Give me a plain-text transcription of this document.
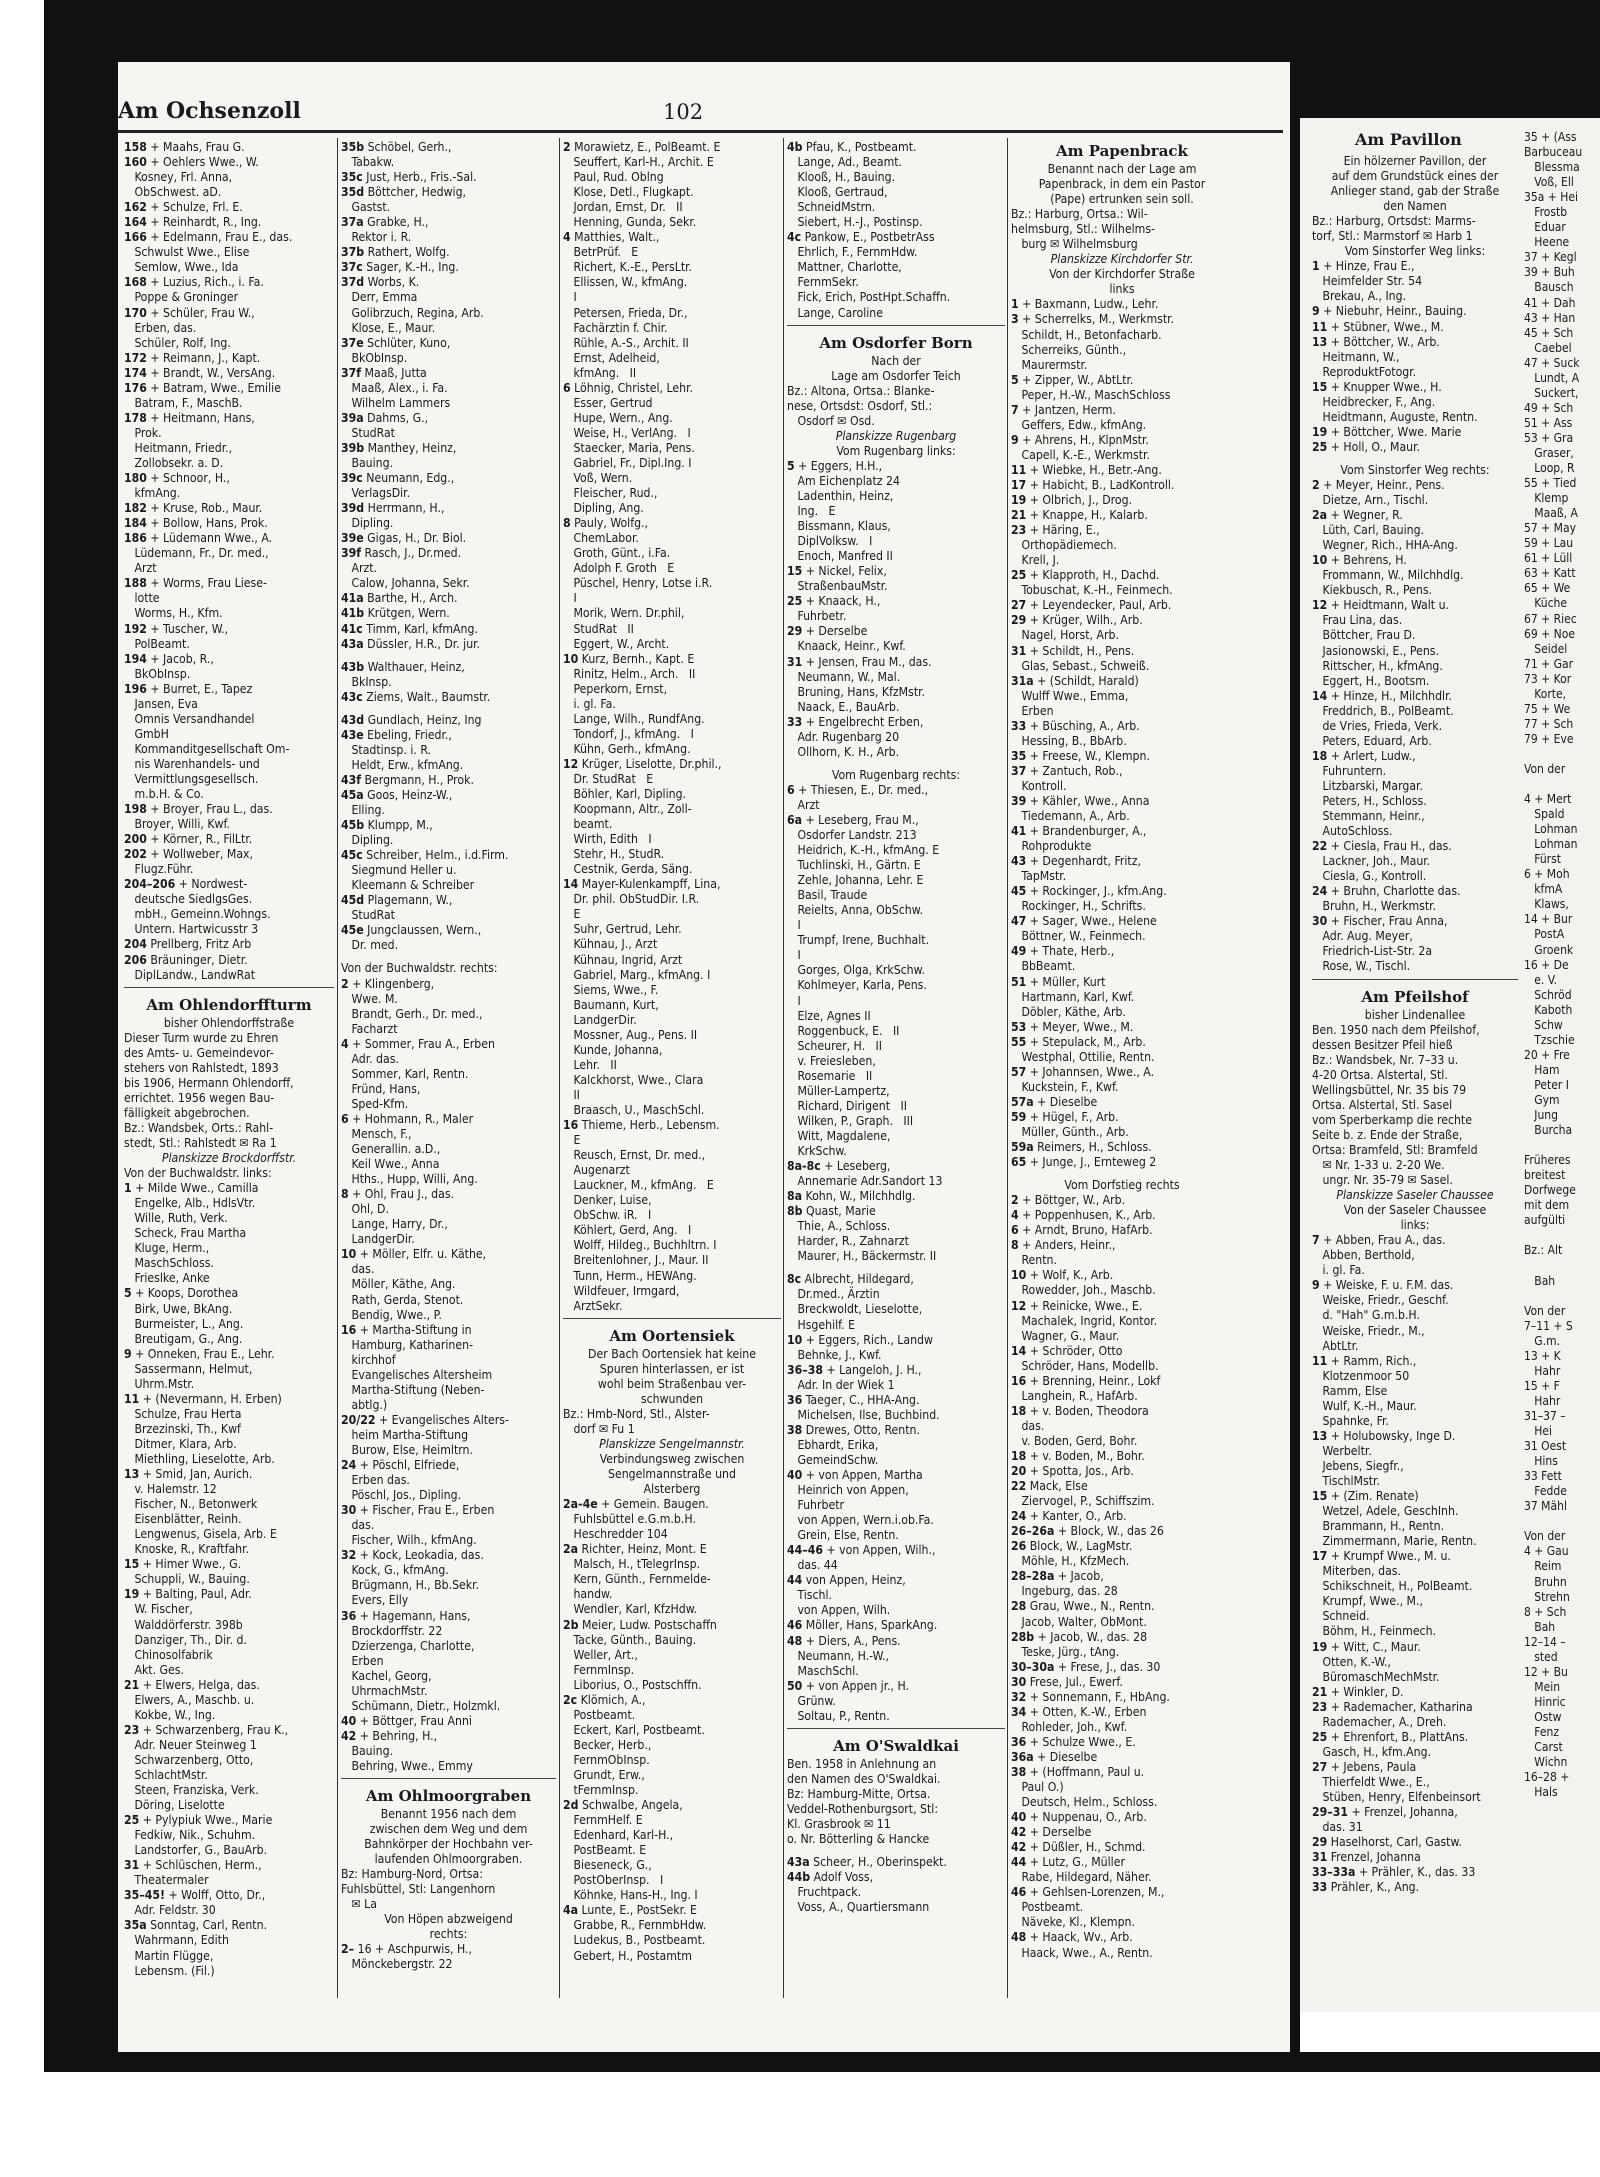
Am Ochsenzoll	102
158 + Maahs, Frau G.
160 + Oehlers Wwe., W.
Kosney, Frl. Anna,
ObSchwest. aD.
162 + Schulze, Frl. E.
164 + Reinhardt, R., Ing.
166 + Edelmann, Frau E., das.
Schwulst Wwe., Elise
Semlow, Wwe., Ida
168 + Luzius, Rich., i. Fa.
Poppe & Groninger
170 + Schüler, Frau W.,
Erben, das.
Schüler, Rolf, Ing.
172 + Reimann, J., Kapt.
174 + Brandt, W., VersAng.
176 + Batram, Wwe., Emilie
Batram, F., MaschB.
178 + Heitmann, Hans,
Prok.
Heitmann, Friedr.,
Zollobsekr. a. D.
180 + Schnoor, H.,
kfmAng.
182 + Kruse, Rob., Maur.
184 + Bollow, Hans, Prok.
186 + Lüdemann Wwe., A.
Lüdemann, Fr., Dr. med.,
Arzt
188 + Worms, Frau Liese-
lotte
Worms, H., Kfm.
192 + Tuscher, W.,
PolBeamt.
194 + Jacob, R.,
BkObInsp.
196 + Burret, E., Tapez
Jansen, Eva
Omnis Versandhandel
GmbH
Kommanditgesellschaft Om-
nis Warenhandels- und
Vermittlungsgesellsch.
m.b.H. & Co.
198 + Broyer, Frau L., das.
Broyer, Willi, Kwf.
200 + Körner, R., FilLtr.
202 + Wollweber, Max,
Flugz.Führ.
204–206 + Nordwest-
deutsche SiedlgsGes.
mbH., Gemeinn.Wohngs.
Untern. Hartwicusstr 3
204 Prellberg, Fritz Arb
206 Bräuninger, Dietr.
DiplLandw., LandwRat
Am Ohlendorffturm
bisher Ohlendorffstraße
Dieser Turm wurde zu Ehren
des Amts- u. Gemeindevor-
stehers von Rahlstedt, 1893
bis 1906, Hermann Ohlendorff,
errichtet. 1956 wegen Bau-
fälligkeit abgebrochen.
Bz.: Wandsbek, Orts.: Rahl-
stedt, Stl.: Rahlstedt ✉ Ra 1
Planskizze Brockdorffstr.
Von der Buchwaldstr. links:
1 + Milde Wwe., Camilla
Engelke, Alb., HdlsVtr.
Wille, Ruth, Verk.
Scheck, Frau Martha
Kluge, Herm.,
MaschSchloss.
Frieslke, Anke
5 + Koops, Dorothea
Birk, Uwe, BkAng.
Burmeister, L., Ang.
Breutigam, G., Ang.
9 + Onneken, Frau E., Lehr.
Sassermann, Helmut,
Uhrm.Mstr.
11 + (Nevermann, H. Erben)
Schulze, Frau Herta
Brzezinski, Th., Kwf
Ditmer, Klara, Arb.
Miethling, Lieselotte, Arb.
13 + Smid, Jan, Aurich.
v. Halemstr. 12
Fischer, N., Betonwerk
Eisenblätter, Reinh.
Lengwenus, Gisela, Arb. E
Knoske, R., Kraftfahr.
15 + Himer Wwe., G.
Schuppli, W., Bauing.
19 + Balting, Paul, Adr.
W. Fischer,
Walddörferstr. 398b
Danziger, Th., Dir. d.
Chinosolfabrik
Akt. Ges.
21 + Elwers, Helga, das.
Elwers, A., Maschb. u.
Kokbe, W., Ing.
23 + Schwarzenberg, Frau K.,
Adr. Neuer Steinweg 1
Schwarzenberg, Otto,
SchlachtMstr.
Steen, Franziska, Verk.
Döring, Liselotte
25 + Pylypiuk Wwe., Marie
Fedkiw, Nik., Schuhm.
Landstorfer, G., BauArb.
31 + Schlüschen, Herm.,
Theatermaler
35–45! + Wolff, Otto, Dr.,
Adr. Feldstr. 30
35a Sonntag, Carl, Rentn.
Wahrmann, Edith
Martin Flügge,
Lebensm. (Fil.)
35b Schöbel, Gerh.,
Tabakw.
35c Just, Herb., Fris.-Sal.
35d Böttcher, Hedwig,
Gastst.
37a Grabke, H.,
Rektor i. R.
37b Rathert, Wolfg.
37c Sager, K.-H., Ing.
37d Worbs, K.
Derr, Emma
Golibrzuch, Regina, Arb.
Klose, E., Maur.
37e Schlüter, Kuno,
BkObInsp.
37f Maaß, Jutta
Maaß, Alex., i. Fa.
Wilhelm Lammers
39a Dahms, G.,
StudRat
39b Manthey, Heinz,
Bauing.
39c Neumann, Edg.,
VerlagsDir.
39d Herrmann, H.,
Dipling.
39e Gigas, H., Dr. Biol.
39f Rasch, J., Dr.med.
Arzt.
Calow, Johanna, Sekr.
41a Barthe, H., Arch.
41b Krütgen, Wern.
41c Timm, Karl, kfmAng.
43a Düssler, H.R., Dr. jur.
43b Walthauer, Heinz,
BkInsp.
43c Ziems, Walt., Baumstr.
43d Gundlach, Heinz, Ing
43e Ebeling, Friedr.,
Stadtinsp. i. R.
Heldt, Erw., kfmAng.
43f Bergmann, H., Prok.
45a Goos, Heinz-W.,
Elling.
45b Klumpp, M.,
Dipling.
45c Schreiber, Helm., i.d.Firm.
Siegmund Heller u.
Kleemann & Schreiber
45d Plagemann, W.,
StudRat
45e Jungclaussen, Wern.,
Dr. med.
Von der Buchwaldstr. rechts:
2 + Klingenberg,
Wwe. M.
Brandt, Gerh., Dr. med.,
Facharzt
4 + Sommer, Frau A., Erben
Adr. das.
Sommer, Karl, Rentn.
Fründ, Hans,
Sped-Kfm.
6 + Hohmann, R., Maler
Mensch, F.,
Generallin. a.D.,
Keil Wwe., Anna
Hths., Hupp, Willi, Ang.
8 + Ohl, Frau J., das.
Ohl, D.
Lange, Harry, Dr.,
LandgerDir.
10 + Möller, Elfr. u. Käthe,
das.
Möller, Käthe, Ang.
Rath, Gerda, Stenot.
Bendig, Wwe., P.
16 + Martha-Stiftung in
Hamburg, Katharinen-
kirchhof
Evangelisches Altersheim
Martha-Stiftung (Neben-
abtlg.)
20/22 + Evangelisches Alters-
heim Martha-Stiftung
Burow, Else, Heimltrn.
24 + Pöschl, Elfriede,
Erben das.
Pöschl, Jos., Dipling.
30 + Fischer, Frau E., Erben
das.
Fischer, Wilh., kfmAng.
32 + Kock, Leokadia, das.
Kock, G., kfmAng.
Brügmann, H., Bb.Sekr.
Evers, Elly
36 + Hagemann, Hans,
Brockdorffstr. 22
Dzierzenga, Charlotte,
Erben
Kachel, Georg,
UhrmachMstr.
Schümann, Dietr., Holzmkl.
40 + Böttger, Frau Anni
42 + Behring, H.,
Bauing.
Behring, Wwe., Emmy
Am Ohlmoorgraben
Benannt 1956 nach dem
zwischen dem Weg und dem
Bahnkörper der Hochbahn ver-
laufenden Ohlmoorgraben.
Bz: Hamburg-Nord, Ortsa:
Fuhlsbüttel, Stl: Langenhorn
✉ La
Von Höpen abzweigend
rechts:
2– 16 + Aschpurwis, H.,
Mönckebergstr. 22
2 Morawietz, E., PolBeamt. E
Seuffert, Karl-H., Archit. E
Paul, Rud. Oblng
Klose, Detl., Flugkapt.
Jordan, Ernst, Dr.   II
Henning, Gunda, Sekr.
4 Matthies, Walt.,
BetrPrüf.   E
Richert, K.-E., PersLtr.
Ellissen, W., kfmAng.
I
Petersen, Frieda, Dr.,
Fachärztin f. Chir.
Rühle, A.-S., Archit. II
Ernst, Adelheid,
kfmAng.   II
6 Löhnig, Christel, Lehr.
Esser, Gertrud
Hupe, Wern., Ang.
Weise, H., VerlAng.   I
Staecker, Maria, Pens.
Gabriel, Fr., Dipl.Ing. I
Voß, Wern.
Fleischer, Rud.,
Dipling, Ang.
8 Pauly, Wolfg.,
ChemLabor.
Groth, Günt., i.Fa.
Adolph F. Groth   E
Püschel, Henry, Lotse i.R.
I
Morik, Wern. Dr.phil,
StudRat   II
Eggert, W., Archt.
10 Kurz, Bernh., Kapt. E
Rinitz, Helm., Arch.   II
Peperkorn, Ernst,
i. gl. Fa.
Lange, Wilh., RundfAng.
Tondorf, J., kfmAng.   I
Kühn, Gerh., kfmAng.
12 Krüger, Liselotte, Dr.phil.,
Dr. StudRat   E
Böhler, Karl, Dipling.
Koopmann, Altr., Zoll-
beamt.
Wirth, Edith   I
Stehr, H., StudR.
Cestnik, Gerda, Säng.
14 Mayer-Kulenkampff, Lina,
Dr. phil. ObStudDir. I.R.
E
Suhr, Gertrud, Lehr.
Kühnau, J., Arzt
Kühnau, Ingrid, Arzt
Gabriel, Marg., kfmAng. I
Siems, Wwe., F.
Baumann, Kurt,
LandgerDir.
Mossner, Aug., Pens. II
Kunde, Johanna,
Lehr.   II
Kalckhorst, Wwe., Clara
II
Braasch, U., MaschSchl.
16 Thieme, Herb., Lebensm.
E
Reusch, Ernst, Dr. med.,
Augenarzt
Lauckner, M., kfmAng.   E
Denker, Luise,
ObSchw. iR.   I
Köhlert, Gerd, Ang.   I
Wolff, Hildeg., Buchhltrn. I
Breitenlohner, J., Maur. II
Tunn, Herm., HEWAng.
Wildfeuer, Irmgard,
ArztSekr.
Am Oortensiek
Der Bach Oortensiek hat keine
Spuren hinterlassen, er ist
wohl beim Straßenbau ver-
schwunden
Bz.: Hmb-Nord, Stl., Alster-
dorf ✉ Fu 1
Planskizze Sengelmannstr.
Verbindungsweg zwischen
Sengelmannstraße und
Alsterberg
2a-4e + Gemein. Baugen.
Fuhlsbüttel e.G.m.b.H.
Heschredder 104
2a Richter, Heinz, Mont. E
Malsch, H., tTelegrInsp.
Kern, Günth., Fernmelde-
handw.
Wendler, Karl, KfzHdw.
2b Meier, Ludw. Postschaffn
Tacke, Günth., Bauing.
Weller, Art.,
FernmInsp.
Liborius, O., Postschffn.
2c Klömich, A.,
Postbeamt.
Eckert, Karl, Postbeamt.
Becker, Herb.,
FernmObInsp.
Grundt, Erw.,
tFernmInsp.
2d Schwalbe, Angela,
FernmHelf. E
Edenhard, Karl-H.,
PostBeamt. E
Bieseneck, G.,
PostOberInsp.   I
Köhnke, Hans-H., Ing. I
4a Lunte, E., PostSekr. E
Grabbe, R., FernmbHdw.
Ludekus, B., Postbeamt.
Gebert, H., Postamtm
4b Pfau, K., Postbeamt.
Lange, Ad., Beamt.
Klooß, H., Bauing.
Klooß, Gertraud,
SchneidMstrn.
Siebert, H.-J., Postinsp.
4c Pankow, E., PostbetrAss
Ehrlich, F., FernmHdw.
Mattner, Charlotte,
FernmSekr.
Fick, Erich, PostHpt.Schaffn.
Lange, Caroline
Am Osdorfer Born
Nach der
Lage am Osdorfer Teich
Bz.: Altona, Ortsa.: Blanke-
nese, Ortsdst: Osdorf, Stl.:
Osdorf ✉ Osd.
Planskizze Rugenbarg
Vom Rugenbarg links:
5 + Eggers, H.H.,
Am Eichenplatz 24
Ladenthin, Heinz,
Ing.   E
Bissmann, Klaus,
DiplVolksw.   I
Enoch, Manfred II
15 + Nickel, Felix,
StraßenbauMstr.
25 + Knaack, H.,
Fuhrbetr.
29 + Derselbe
Knaack, Heinr., Kwf.
31 + Jensen, Frau M., das.
Neumann, W., Mal.
Bruning, Hans, KfzMstr.
Naack, E., BauArb.
33 + Engelbrecht Erben,
Adr. Rugenbarg 20
Ollhorn, K. H., Arb.
Vom Rugenbarg rechts:
6 + Thiesen, E., Dr. med.,
Arzt
6a + Leseberg, Frau M.,
Osdorfer Landstr. 213
Heidrich, K.-H., kfmAng. E
Tuchlinski, H., Gärtn. E
Zehle, Johanna, Lehr. E
Basil, Traude
Reielts, Anna, ObSchw.
I
Trumpf, Irene, Buchhalt.
I
Gorges, Olga, KrkSchw.
Kohlmeyer, Karla, Pens.
I
Elze, Agnes II
Roggenbuck, E.   II
Scheurer, H.   II
v. Freiesleben,
Rosemarie   II
Müller-Lampertz,
Richard, Dirigent   II
Wilken, P., Graph.   III
Witt, Magdalene,
KrkSchw.
8a-8c + Leseberg,
Annemarie Adr.Sandort 13
8a Kohn, W., Milchhdlg.
8b Quast, Marie
Thie, A., Schloss.
Harder, R., Zahnarzt
Maurer, H., Bäckermstr. II
8c Albrecht, Hildegard,
Dr.med., Ärztin
Breckwoldt, Lieselotte,
Hsgehilf. E
10 + Eggers, Rich., Landw
Behnke, J., Kwf.
36–38 + Langeloh, J. H.,
Adr. In der Wiek 1
36 Taeger, C., HHA-Ang.
Michelsen, Ilse, Buchbind.
38 Drewes, Otto, Rentn.
Ebhardt, Erika,
GemeindSchw.
40 + von Appen, Martha
Heinrich von Appen,
Fuhrbetr
von Appen, Wern.i.ob.Fa.
Grein, Else, Rentn.
44–46 + von Appen, Wilh.,
das. 44
44 von Appen, Heinz,
Tischl.
von Appen, Wilh.
46 Möller, Hans, SparkAng.
48 + Diers, A., Pens.
Neumann, H.-W.,
MaschSchl.
50 + von Appen jr., H.
Grünw.
Soltau, P., Rentn.
Am O'Swaldkai
Ben. 1958 in Anlehnung an
den Namen des O'Swaldkai.
Bz: Hamburg-Mitte, Ortsa.
Veddel-Rothenburgsort, Stl:
Kl. Grasbrook ✉ 11
o. Nr. Bötterling & Hancke
43a Scheer, H., Oberinspekt.
44b Adolf Voss,
Fruchtpack.
Voss, A., Quartiersmann
Am Papenbrack
Benannt nach der Lage am
Papenbrack, in dem ein Pastor
(Pape) ertrunken sein soll.
Bz.: Harburg, Ortsa.: Wil-
helmsburg, Stl.: Wilhelms-
burg ✉ Wilhelmsburg
Planskizze Kirchdorfer Str.
Von der Kirchdorfer Straße
links
1 + Baxmann, Ludw., Lehr.
3 + Scherrelks, M., Werkmstr.
Schildt, H., Betonfacharb.
Scherreiks, Günth.,
Maurermstr.
5 + Zipper, W., AbtLtr.
Peper, H.-W., MaschSchloss
7 + Jantzen, Herm.
Geffers, Edw., kfmAng.
9 + Ahrens, H., KlpnMstr.
Capell, K.-E., Werkmstr.
11 + Wiebke, H., Betr.-Ang.
17 + Habicht, B., LadKontroll.
19 + Olbrich, J., Drog.
21 + Knappe, H., Kalarb.
23 + Häring, E.,
Orthopädiemech.
Krell, J.
25 + Klapproth, H., Dachd.
Tobuschat, K.-H., Feinmech.
27 + Leyendecker, Paul, Arb.
29 + Krüger, Wilh., Arb.
Nagel, Horst, Arb.
31 + Schildt, H., Pens.
Glas, Sebast., Schweiß.
31a + (Schildt, Harald)
Wulff Wwe., Emma,
Erben
33 + Büsching, A., Arb.
Hessing, B., BbArb.
35 + Freese, W., Klempn.
37 + Zantuch, Rob.,
Kontroll.
39 + Kähler, Wwe., Anna
Tiedemann, A., Arb.
41 + Brandenburger, A.,
Rohprodukte
43 + Degenhardt, Fritz,
TapMstr.
45 + Rockinger, J., kfm.Ang.
Rockinger, H., Schrifts.
47 + Sager, Wwe., Helene
Böttner, W., Feinmech.
49 + Thate, Herb.,
BbBeamt.
51 + Müller, Kurt
Hartmann, Karl, Kwf.
Döbler, Käthe, Arb.
53 + Meyer, Wwe., M.
55 + Stepulack, M., Arb.
Westphal, Ottilie, Rentn.
57 + Johannsen, Wwe., A.
Kuckstein, F., Kwf.
57a + Dieselbe
59 + Hügel, F., Arb.
Müller, Günth., Arb.
59a Reimers, H., Schloss.
65 + Junge, J., Ernteweg 2
Vom Dorfstieg rechts
2 + Böttger, W., Arb.
4 + Poppenhusen, K., Arb.
6 + Arndt, Bruno, HafArb.
8 + Anders, Heinr.,
Rentn.
10 + Wolf, K., Arb.
Rowedder, Joh., Maschb.
12 + Reinicke, Wwe., E.
Machalek, Ingrid, Kontor.
Wagner, G., Maur.
14 + Schröder, Otto
Schröder, Hans, Modellb.
16 + Brenning, Heinr., Lokf
Langhein, R., HafArb.
18 + v. Boden, Theodora
das.
v. Boden, Gerd, Bohr.
18 + v. Boden, M., Bohr.
20 + Spotta, Jos., Arb.
22 Mack, Else
Ziervogel, P., Schiffszim.
24 + Kanter, O., Arb.
26–26a + Block, W., das 26
26 Block, W., LagMstr.
Möhle, H., KfzMech.
28–28a + Jacob,
Ingeburg, das. 28
28 Grau, Wwe., N., Rentn.
Jacob, Walter, ObMont.
28b + Jacob, W., das. 28
Teske, Jürg., tAng.
30–30a + Frese, J., das. 30
30 Frese, Jul., Ewerf.
32 + Sonnemann, F., HbAng.
34 + Otten, K.-W., Erben
Rohleder, Joh., Kwf.
36 + Schulze Wwe., E.
36a + Dieselbe
38 + (Hoffmann, Paul u.
Paul O.)
Deutsch, Helm., Schloss.
40 + Nuppenau, O., Arb.
42 + Derselbe
42 + Düßler, H., Schmd.
44 + Lutz, G., Müller
Rabe, Hildegard, Näher.
46 + Gehlsen-Lorenzen, M.,
Postbeamt.
Näveke, Kl., Klempn.
48 + Haack, Wv., Arb.
Haack, Wwe., A., Rentn.
Am Pavillon
Ein hölzerner Pavillon, der
auf dem Grundstück eines der
Anlieger stand, gab der Straße
den Namen
Bz.: Harburg, Ortsdst: Marms-
torf, Stl.: Marmstorf ✉ Harb 1
Vom Sinstorfer Weg links:
1 + Hinze, Frau E.,
Heimfelder Str. 54
Brekau, A., Ing.
9 + Niebuhr, Heinr., Bauing.
11 + Stübner, Wwe., M.
13 + Böttcher, W., Arb.
Heitmann, W.,
ReproduktFotogr.
15 + Knupper Wwe., H.
Heidbrecker, F., Ang.
Heidtmann, Auguste, Rentn.
19 + Böttcher, Wwe. Marie
25 + Holl, O., Maur.
Vom Sinstorfer Weg rechts:
2 + Meyer, Heinr., Pens.
Dietze, Arn., Tischl.
2a + Wegner, R.
Lüth, Carl, Bauing.
Wegner, Rich., HHA-Ang.
10 + Behrens, H.
Frommann, W., Milchhdlg.
Kiekbusch, R., Pens.
12 + Heidtmann, Walt u.
Frau Lina, das.
Böttcher, Frau D.
Jasionowski, E., Pens.
Rittscher, H., kfmAng.
Eggert, H., Bootsm.
14 + Hinze, H., Milchhdlr.
Freddrich, B., PolBeamt.
de Vries, Frieda, Verk.
Peters, Eduard, Arb.
18 + Arlert, Ludw.,
Fuhruntern.
Litzbarski, Margar.
Peters, H., Schloss.
Stemmann, Heinr.,
AutoSchloss.
22 + Ciesla, Frau H., das.
Lackner, Joh., Maur.
Ciesla, G., Kontroll.
24 + Bruhn, Charlotte das.
Bruhn, H., Werkmstr.
30 + Fischer, Frau Anna,
Adr. Aug. Meyer,
Friedrich-List-Str. 2a
Rose, W., Tischl.
Am Pfeilshof
bisher Lindenallee
Ben. 1950 nach dem Pfeilshof,
dessen Besitzer Pfeil hieß
Bz.: Wandsbek, Nr. 7–33 u.
4-20 Ortsa. Alstertal, Stl.
Wellingsbüttel, Nr. 35 bis 79
Ortsa. Alstertal, Stl. Sasel
vom Sperberkamp die rechte
Seite b. z. Ende der Straße,
Ortsa: Bramfeld, Stl: Bramfeld
✉ Nr. 1-33 u. 2-20 We.
ungr. Nr. 35-79 ✉ Sasel.
Planskizze Saseler Chaussee
Von der Saseler Chaussee
links:
7 + Abben, Frau A., das.
Abben, Berthold,
i. gl. Fa.
9 + Weiske, F. u. F.M. das.
Weiske, Friedr., Geschf.
d. "Hah" G.m.b.H.
Weiske, Friedr., M.,
AbtLtr.
11 + Ramm, Rich.,
Klotzenmoor 50
Ramm, Else
Wulf, K.-H., Maur.
Spahnke, Fr.
13 + Holubowsky, Inge D.
Werbeltr.
Jebens, Siegfr.,
TischlMstr.
15 + (Zim. Renate)
Wetzel, Adele, GeschInh.
Brammann, H., Rentn.
Zimmermann, Marie, Rentn.
17 + Krumpf Wwe., M. u.
Miterben, das.
Schikschneit, H., PolBeamt.
Krumpf, Wwe., M.,
Schneid.
Böhm, H., Feinmech.
19 + Witt, C., Maur.
Otten, K.-W.,
BüromaschMechMstr.
21 + Winkler, D.
23 + Rademacher, Katharina
Rademacher, A., Dreh.
25 + Ehrenfort, B., PlattAns.
Gasch, H., kfm.Ang.
27 + Jebens, Paula
Thierfeldt Wwe., E.,
Stüben, Henry, Elfenbeinsort
29–31 + Frenzel, Johanna,
das. 31
29 Haselhorst, Carl, Gastw.
31 Frenzel, Johanna
33–33a + Prähler, K., das. 33
33 Prähler, K., Ang.
35 + (Ass
Barbuceau
Blessma
Voß, Ell
35a + Hei
Frostb
Eduar
Heene
37 + Kegl
39 + Buh
Bausch
41 + Dah
43 + Han
45 + Sch
Caebel
47 + Suck
Lundt, A
Suckert,
49 + Sch
51 + Ass
53 + Gra
Graser,
Loop, R
55 + Tied
Klemp
Maaß, A
57 + May
59 + Lau
61 + Lüll
63 + Katt
65 + We
Küche
67 + Riec
69 + Noe
Seidel
71 + Gar
73 + Kor
Korte,
75 + We
77 + Sch
79 + Eve
Von der
4 + Mert
Spald
Lohman
Lohman
Fürst
6 + Moh
kfmA
Klaws,
14 + Bur
PostA
Groenk
16 + De
e. V.
Schröd
Kaboth
Schw
Tzschie
20 + Fre
Ham
Peter I
Gym
Jung
Burcha
Früheres
breitest
Dorfwege
mit dem
aufgülti
Bz.: Alt
Bah
Von der
7–11 + S
G.m.
13 + K
Hahr
15 + F
Hahr
31–37 –
Hei
31 Oest
Hins
33 Fett
Fedde
37 Mähl
Von der
4 + Gau
Reim
Bruhn
Strehn
8 + Sch
Bah
12–14 –
sted
12 + Bu
Mein
Hinric
Ostw
Fenz
Carst
Wichn
16–28 +
Hals
